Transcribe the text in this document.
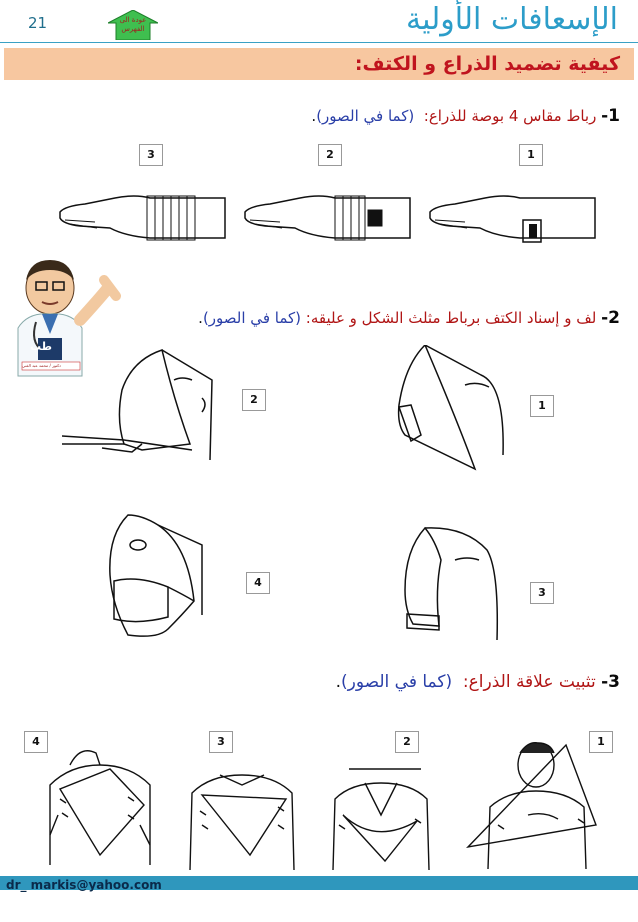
21	عودة الى
الفهرس	الإسعافات الأولية
كيفية تضميد الذراع و الكتف:
1- رباط مقاس 4 بوصة للذراع:  (كما في الصور).
1
2
3
طب
دكتور / محمد عبد الغني
2- لف و إسناد الكتف برباط مثلث الشكل و عليقه: (كما في الصور).
2	1
3
4
3- تثبيت علاقة الذراع:  (كما في الصور).
4	3	2	1
dr_ markis@yahoo.com
